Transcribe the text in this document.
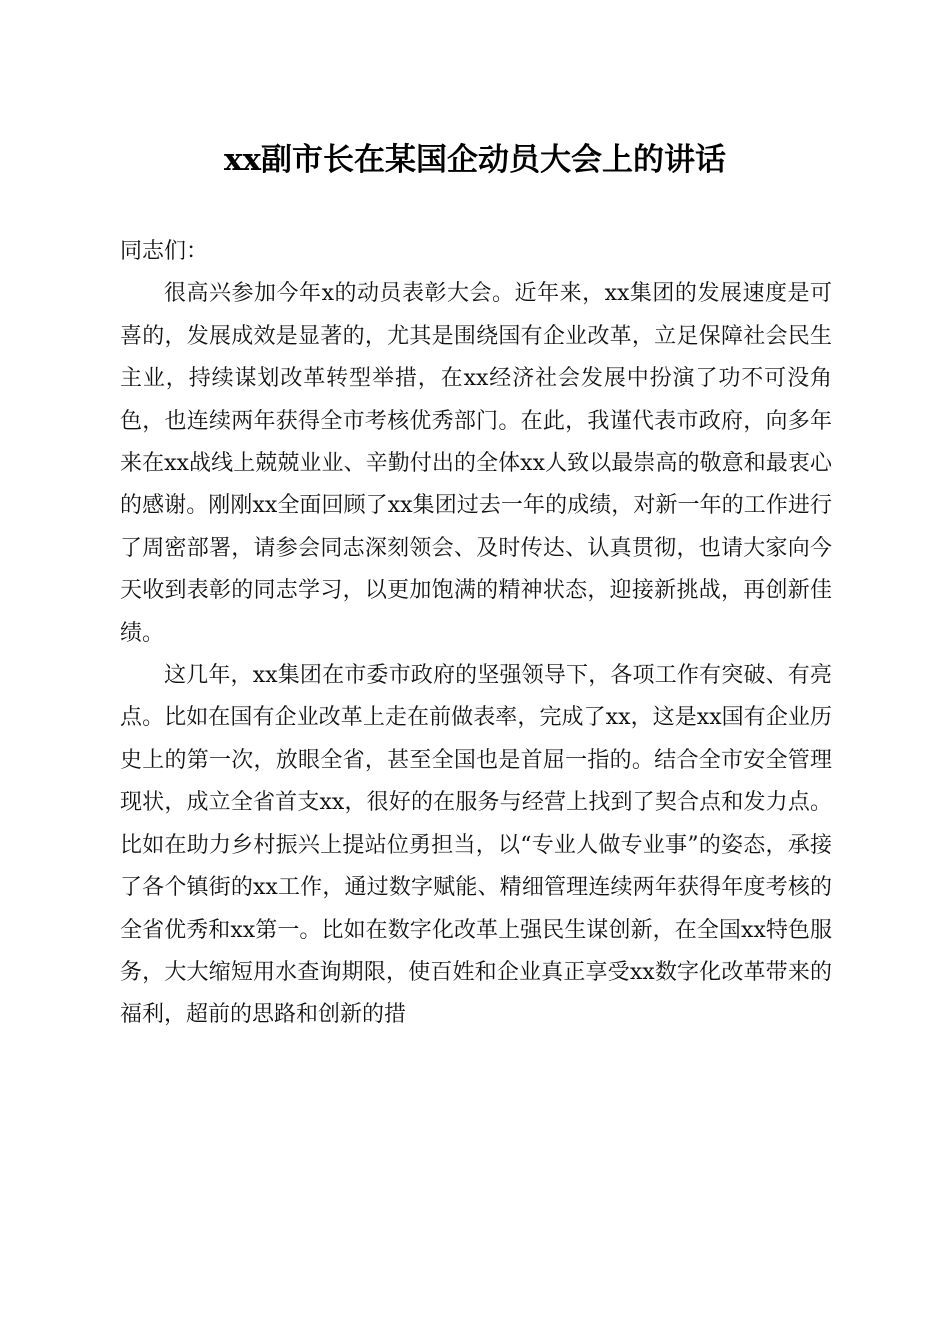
xx副市长在某国企动员大会上的讲话

同志们：

很高兴参加今年x的动员表彰大会。近年来，xx集团的发展速度是可喜的，发展成效是显著的，尤其是围绕国有企业改革，立足保障社会民生主业，持续谋划改革转型举措，在xx经济社会发展中扮演了功不可没角色，也连续两年获得全市考核优秀部门。在此，我谨代表市政府，向多年来在xx战线上兢兢业业、辛勤付出的全体xx人致以最崇高的敬意和最衷心的感谢。刚刚xx全面回顾了xx集团过去一年的成绩，对新一年的工作进行了周密部署，请参会同志深刻领会、及时传达、认真贯彻，也请大家向今天收到表彰的同志学习，以更加饱满的精神状态，迎接新挑战，再创新佳绩。

这几年，xx集团在市委市政府的坚强领导下，各项工作有突破、有亮点。比如在国有企业改革上走在前做表率，完成了xx，这是xx国有企业历史上的第一次，放眼全省，甚至全国也是首屈一指的。结合全市安全管理现状，成立全省首支xx，很好的在服务与经营上找到了契合点和发力点。比如在助力乡村振兴上提站位勇担当，以“专业人做专业事”的姿态，承接了各个镇街的xx工作，通过数字赋能、精细管理连续两年获得年度考核的全省优秀和xx第一。比如在数字化改革上强民生谋创新，在全国xx特色服务，大大缩短用水查询期限，使百姓和企业真正享受xx数字化改革带来的福利，超前的思路和创新的措
